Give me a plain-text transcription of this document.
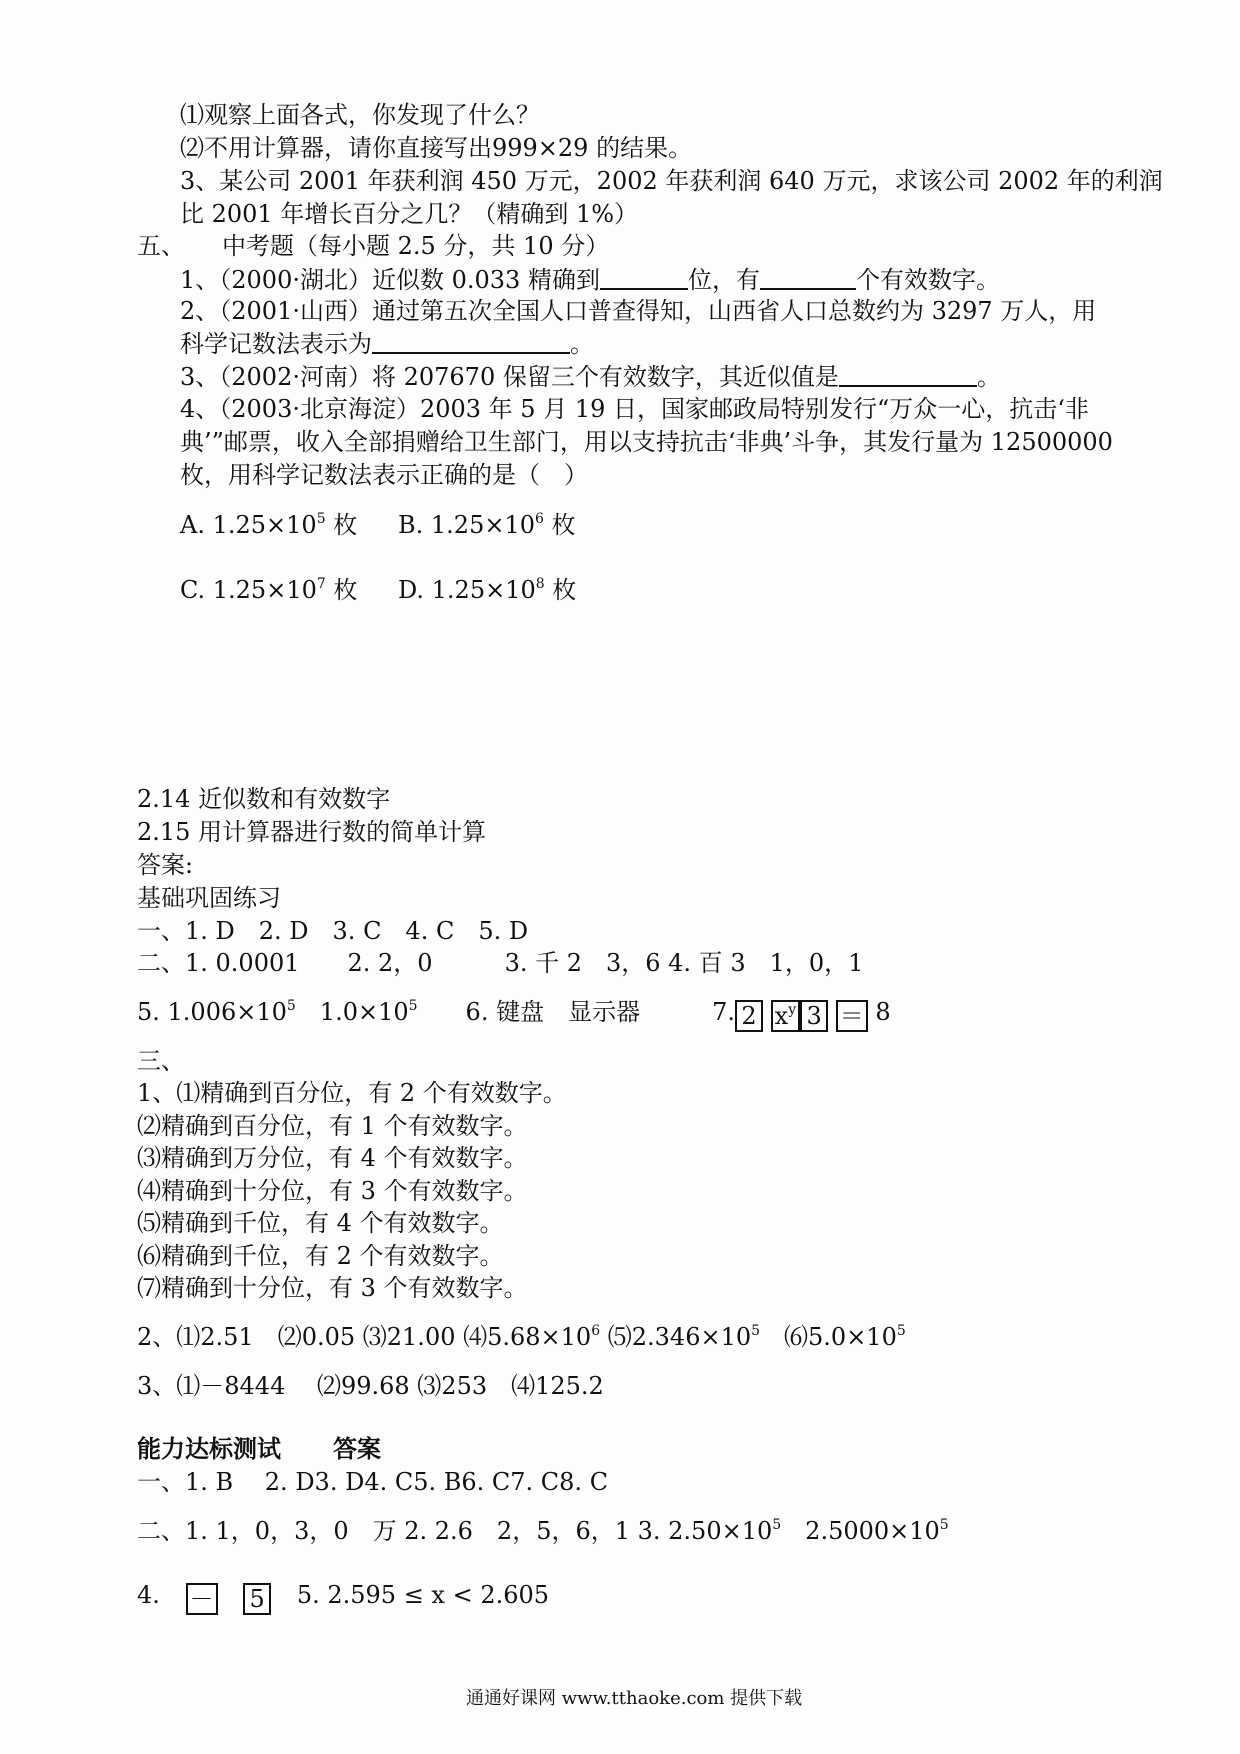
⑴观察上面各式，你发现了什么？
⑵不用计算器，请你直接写出999×29 的结果。
3、某公司 2001 年获利润 450 万元，2002 年获利润 640 万元，求该公司 2002 年的利润
比 2001 年增长百分之几？（精确到 1%）
五、 中考题（每小题 2.5 分，共 10 分）
1、（2000·湖北）近似数 0.033 精确到	位，有	个有效数字。
2、（2001·山西）通过第五次全国人口普查得知，山西省人口总数约为 3297 万人，用
科学记数法表示为	。
3、（2002·河南）将 207670 保留三个有效数字，其近似值是	。
4、（2003·北京海淀）2003 年 5 月 19 日，国家邮政局特别发行“万众一心，抗击‘非
典’”邮票，收入全部捐赠给卫生部门，用以支持抗击‘非典’斗争，其发行量为 12500000
枚，用科学记数法表示正确的是（　）
A. $1.25\times 10^5$ 枚 B. $1.25\times 10^6$ 枚
C. $1.25\times 10^7$ 枚 D. $1.25\times 10^8$ 枚
2.14 近似数和有效数字
2.15 用计算器进行数的简单计算
答案:
基础巩固练习
一、1. D　2. D　3. C　4. C　5. D
二、1. 0.0001　　2. 2，0　　　3. 千 2　3，6 4. 百 3　1，0，1
5. $1.006\times 10^5$　$1.0\times 10^5$　　6. 键盘　显示器　　　7. 2 $x^y$ 3 ＝ 8
三、
1、⑴精确到百分位，有 2 个有效数字。
⑵精确到百分位，有 1 个有效数字。
⑶精确到万分位，有 4 个有效数字。
⑷精确到十分位，有 3 个有效数字。
⑸精确到千位，有 4 个有效数字。
⑹精确到千位，有 2 个有效数字。
⑺精确到十分位，有 3 个有效数字。
2、⑴2.51　⑵0.05 ⑶21.00 $⑷5.68\times 10^6$ $⑸2.346\times 10^5$　$⑹5.0\times 10^5$
3、⑴－8444　 ⑵99.68 ⑶253　⑷125.2
能力达标测试 答案
一、1. B　 2. D3. D4. C5. B6. C7. C8. C
二、1. 1，0，3，0　万 2. 2.6　2，5，6，1 3. $2.50\times 10^5$　$2.5000\times 10^5$
4. － 5 5. 2.595 ≤ x < 2.605
通通好课网 www.tthaoke.com 提供下载
